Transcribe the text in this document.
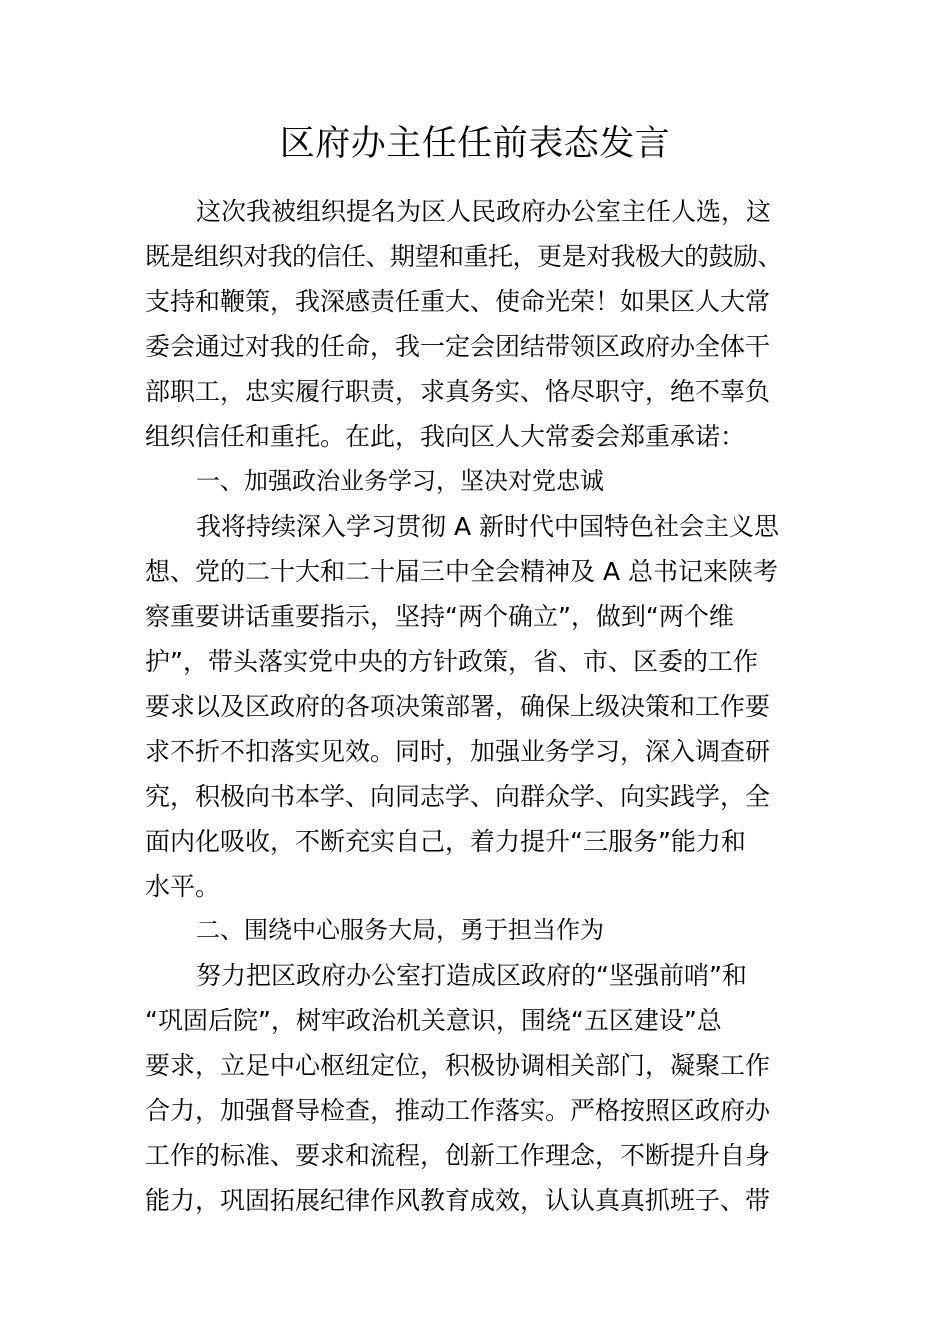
区府办主任任前表态发言

这次我被组织提名为区人民政府办公室主任人选，这

既是组织对我的信任、期望和重托，更是对我极大的鼓励、

支持和鞭策，我深感责任重大、使命光荣！如果区人大常

委会通过对我的任命，我一定会团结带领区政府办全体干

部职工，忠实履行职责，求真务实、恪尽职守，绝不辜负

组织信任和重托。在此，我向区人大常委会郑重承诺：

一、加强政治业务学习，坚决对党忠诚

我将持续深入学习贯彻 A 新时代中国特色社会主义思

想、党的二十大和二十届三中全会精神及 A 总书记来陕考

察重要讲话重要指示，坚持“两个确立”，做到“两个维

护”，带头落实党中央的方针政策，省、市、区委的工作

要求以及区政府的各项决策部署，确保上级决策和工作要

求不折不扣落实见效。同时，加强业务学习，深入调查研

究，积极向书本学、向同志学、向群众学、向实践学，全

面内化吸收，不断充实自己，着力提升“三服务”能力和

水平。

二、围绕中心服务大局，勇于担当作为

努力把区政府办公室打造成区政府的“坚强前哨”和

“巩固后院”，树牢政治机关意识，围绕“五区建设”总

要求，立足中心枢纽定位，积极协调相关部门，凝聚工作

合力，加强督导检查，推动工作落实。严格按照区政府办

工作的标准、要求和流程，创新工作理念，不断提升自身

能力，巩固拓展纪律作风教育成效，认认真真抓班子、带
